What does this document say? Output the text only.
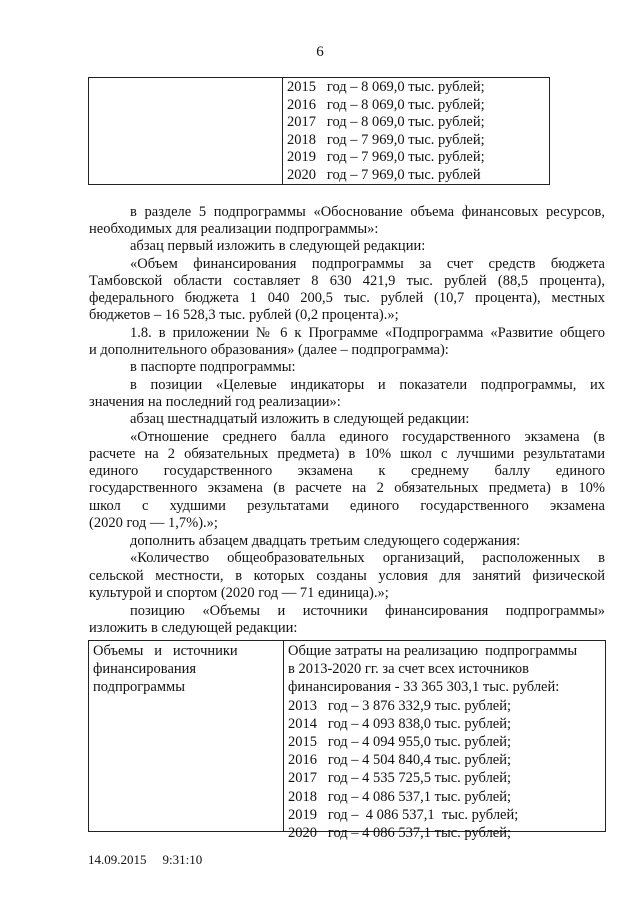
6
2015   год – 8 069,0 тыс. рублей;
2016   год – 8 069,0 тыс. рублей;
2017   год – 8 069,0 тыс. рублей;
2018   год – 7 969,0 тыс. рублей;
2019   год – 7 969,0 тыс. рублей;
2020   год – 7 969,0 тыс. рублей
в разделе 5 подпрограммы «Обоснование объема финансовых ресурсов,
необходимых для реализации подпрограммы»:
абзац первый изложить в следующей редакции:
«Объем финансирования подпрограммы за счет средств бюджета
Тамбовской области составляет 8 630 421,9 тыс. рублей (88,5 процента),
федерального бюджета 1 040 200,5 тыс. рублей (10,7 процента), местных
бюджетов – 16 528,3 тыс. рублей (0,2 процента).»;
1.8. в приложении № 6 к Программе «Подпрограмма «Развитие общего
и дополнительного образования» (далее – подпрограмма):
в паспорте подпрограммы:
в позиции «Целевые индикаторы и показатели подпрограммы, их
значения на последний год реализации»:
абзац шестнадцатый изложить в следующей редакции:
«Отношение среднего балла единого государственного экзамена (в
расчете на 2 обязательных предмета) в 10% школ с лучшими результатами
единого государственного экзамена к среднему баллу единого
государственного экзамена (в расчете на 2 обязательных предмета) в 10%
школ с худшими результатами единого государственного экзамена
(2020 год — 1,7%).»;
дополнить абзацем двадцать третьим следующего содержания:
«Количество общеобразовательных организаций, расположенных в
сельской местности, в которых созданы условия для занятий физической
культурой и спортом (2020 год — 71 единица).»;
позицию «Объемы и источники финансирования подпрограммы»
изложить в следующей редакции:
Объемы   и   источники
финансирования
подпрограммы
Общие затраты на реализацию  подпрограммы
в 2013-2020 гг. за счет всех источников
финансирования - 33 365 303,1 тыс. рублей:
2013   год – 3 876 332,9 тыс. рублей;
2014   год – 4 093 838,0 тыс. рублей;
2015   год – 4 094 955,0 тыс. рублей;
2016   год – 4 504 840,4 тыс. рублей;
2017   год – 4 535 725,5 тыс. рублей;
2018   год – 4 086 537,1 тыс. рублей;
2019   год –  4 086 537,1  тыс. рублей;
2020   год – 4 086 537,1 тыс. рублей;
14.09.2015 9:31:10
